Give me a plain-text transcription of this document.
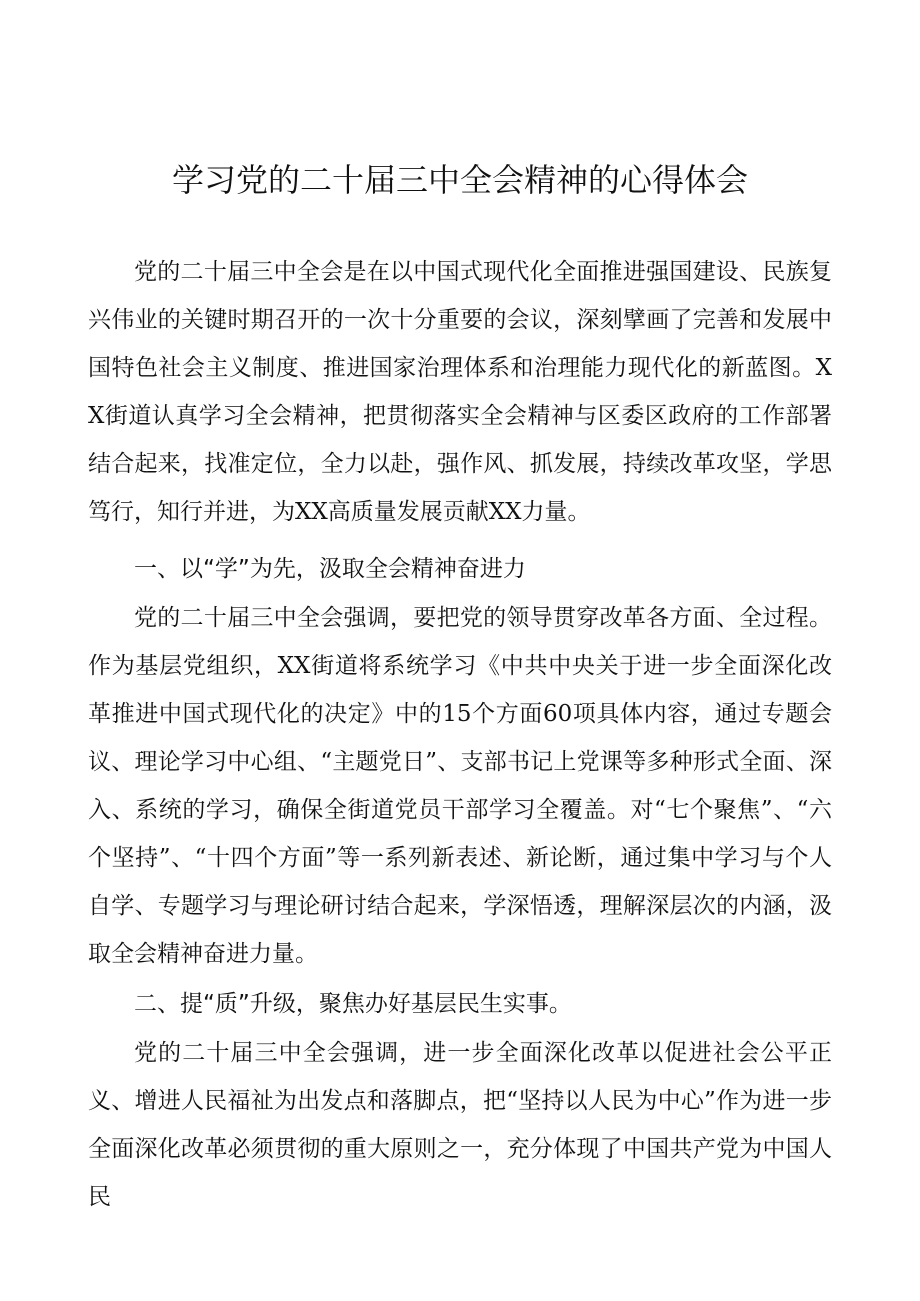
学习党的二十届三中全会精神的心得体会

党的二十届三中全会是在以中国式现代化全面推进强国建设、民族复兴伟业的关键时期召开的一次十分重要的会议，深刻擘画了完善和发展中国特色社会主义制度、推进国家治理体系和治理能力现代化的新蓝图。XX街道认真学习全会精神，把贯彻落实全会精神与区委区政府的工作部署结合起来，找准定位，全力以赴，强作风、抓发展，持续改革攻坚，学思笃行，知行并进，为XX高质量发展贡献XX力量。

一、以“学”为先，汲取全会精神奋进力

党的二十届三中全会强调，要把党的领导贯穿改革各方面、全过程。作为基层党组织，XX街道将系统学习《中共中央关于进一步全面深化改革推进中国式现代化的决定》中的15个方面60项具体内容，通过专题会议、理论学习中心组、“主题党日”、支部书记上党课等多种形式全面、深入、系统的学习，确保全街道党员干部学习全覆盖。对“七个聚焦”、“六个坚持”、“十四个方面”等一系列新表述、新论断，通过集中学习与个人自学、专题学习与理论研讨结合起来，学深悟透，理解深层次的内涵，汲取全会精神奋进力量。

二、提“质”升级，聚焦办好基层民生实事。

党的二十届三中全会强调，进一步全面深化改革以促进社会公平正义、增进人民福祉为出发点和落脚点，把“坚持以人民为中心”作为进一步全面深化改革必须贯彻的重大原则之一，充分体现了中国共产党为中国人民
